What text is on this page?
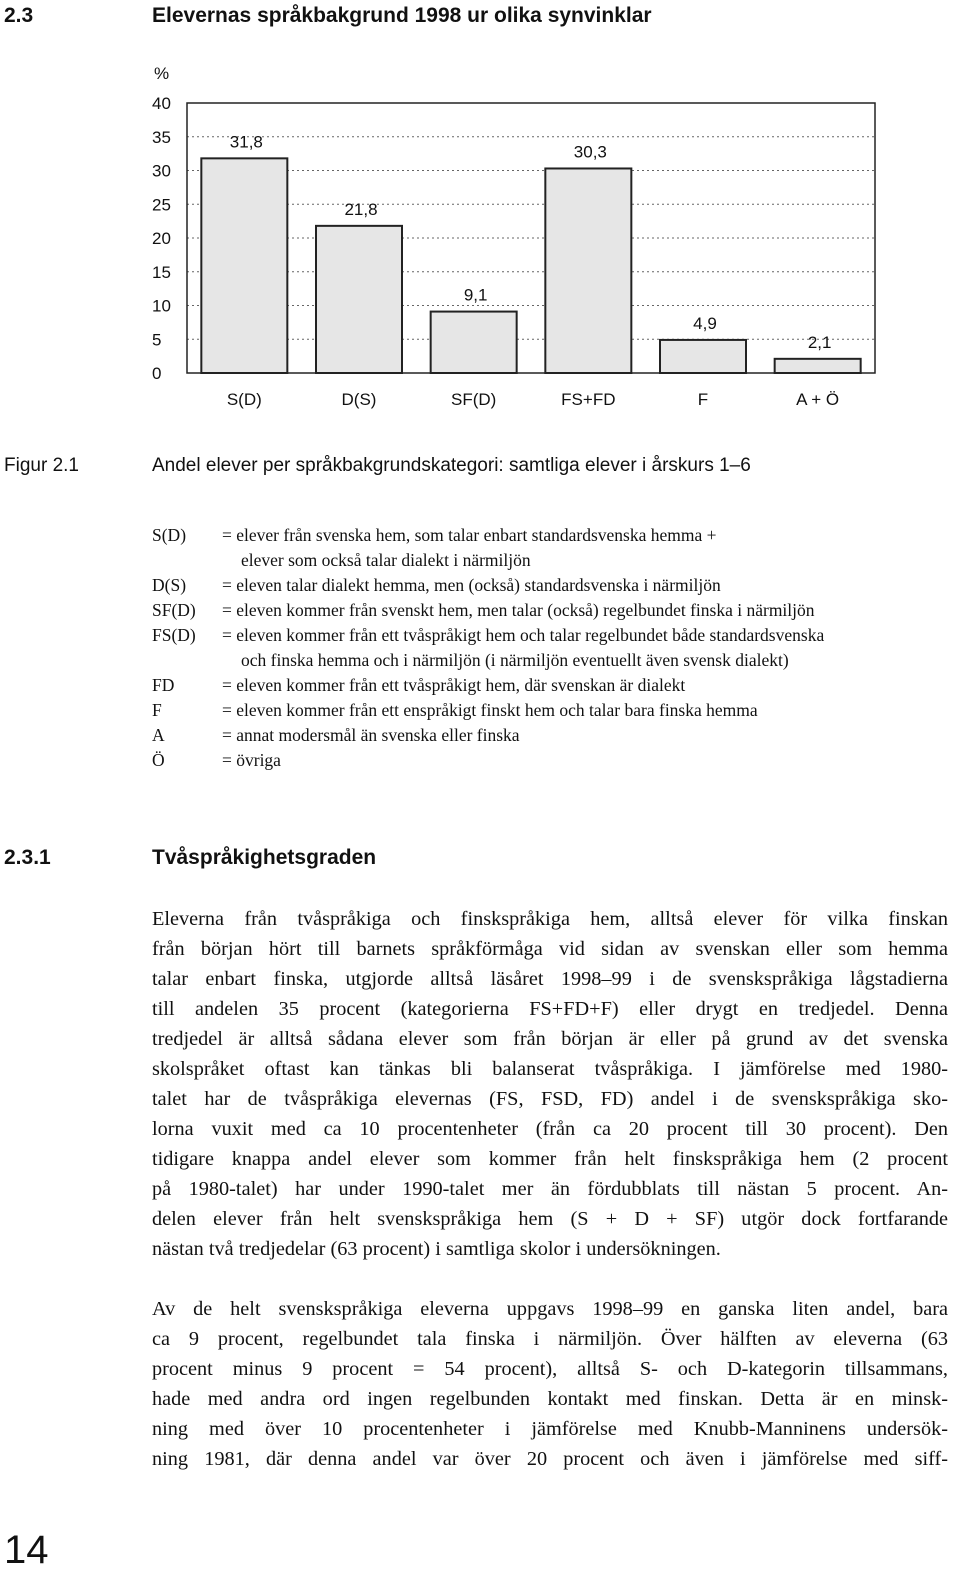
2.3	Elevernas språkbakgrund 1998 ur olika synvinklar
%
0
5
10
15
20
25
30
35
40
31,8
S(D)
21,8
D(S)
9,1
SF(D)
30,3
FS+FD
4,9
F
2,1
A + Ö
Figur 2.1	Andel elever per språkbakgrundskategori: samtliga elever i årskurs 1–6
S(D)	= elever från svenska hem, som talar enbart standardsvenska hemma +
elever som också talar dialekt i närmiljön
D(S)	= eleven talar dialekt hemma, men (också) standardsvenska i närmiljön
SF(D)	= eleven kommer från svenskt hem, men talar (också) regelbundet finska i närmiljön
FS(D)	= eleven kommer från ett tvåspråkigt hem och talar regelbundet både standardsvenska
och finska hemma och i närmiljön (i närmiljön eventuellt även svensk dialekt)
FD	= eleven kommer från ett tvåspråkigt hem, där svenskan är dialekt
F	= eleven kommer från ett enspråkigt finskt hem och talar bara finska hemma
A	= annat modersmål än svenska eller finska
Ö	= övriga
2.3.1	Tvåspråkighetsgraden
Eleverna från tvåspråkiga och finskspråkiga hem, alltså elever för vilka finskan
från början hört till barnets språkförmåga vid sidan av svenskan eller som hemma
talar enbart finska, utgjorde alltså läsåret 1998–99 i de svenskspråkiga lågstadierna
till andelen 35 procent (kategorierna FS+FD+F) eller drygt en tredjedel. Denna
tredjedel är alltså sådana elever som från början är eller på grund av det svenska
skolspråket oftast kan tänkas bli balanserat tvåspråkiga. I jämförelse med 1980-
talet har de tvåspråkiga elevernas (FS, FSD, FD) andel i de svenskspråkiga sko-
lorna vuxit med ca 10 procentenheter (från ca 20 procent till 30 procent). Den
tidigare knappa andel elever som kommer från helt finskspråkiga hem (2 procent
på 1980-talet) har under 1990-talet mer än fördubblats till nästan 5 procent. An-
delen elever från helt svenskspråkiga hem (S + D + SF) utgör dock fortfarande
nästan två tredjedelar (63 procent) i samtliga skolor i undersökningen.
Av de helt svenskspråkiga eleverna uppgavs 1998–99 en ganska liten andel, bara
ca 9 procent, regelbundet tala finska i närmiljön. Över hälften av eleverna (63
procent minus 9 procent = 54 procent), alltså S- och D-kategorin tillsammans,
hade med andra ord ingen regelbunden kontakt med finskan. Detta är en minsk-
ning med över 10 procentenheter i jämförelse med Knubb-Manninens undersök-
ning 1981, där denna andel var över 20 procent och även i jämförelse med siff-
14
